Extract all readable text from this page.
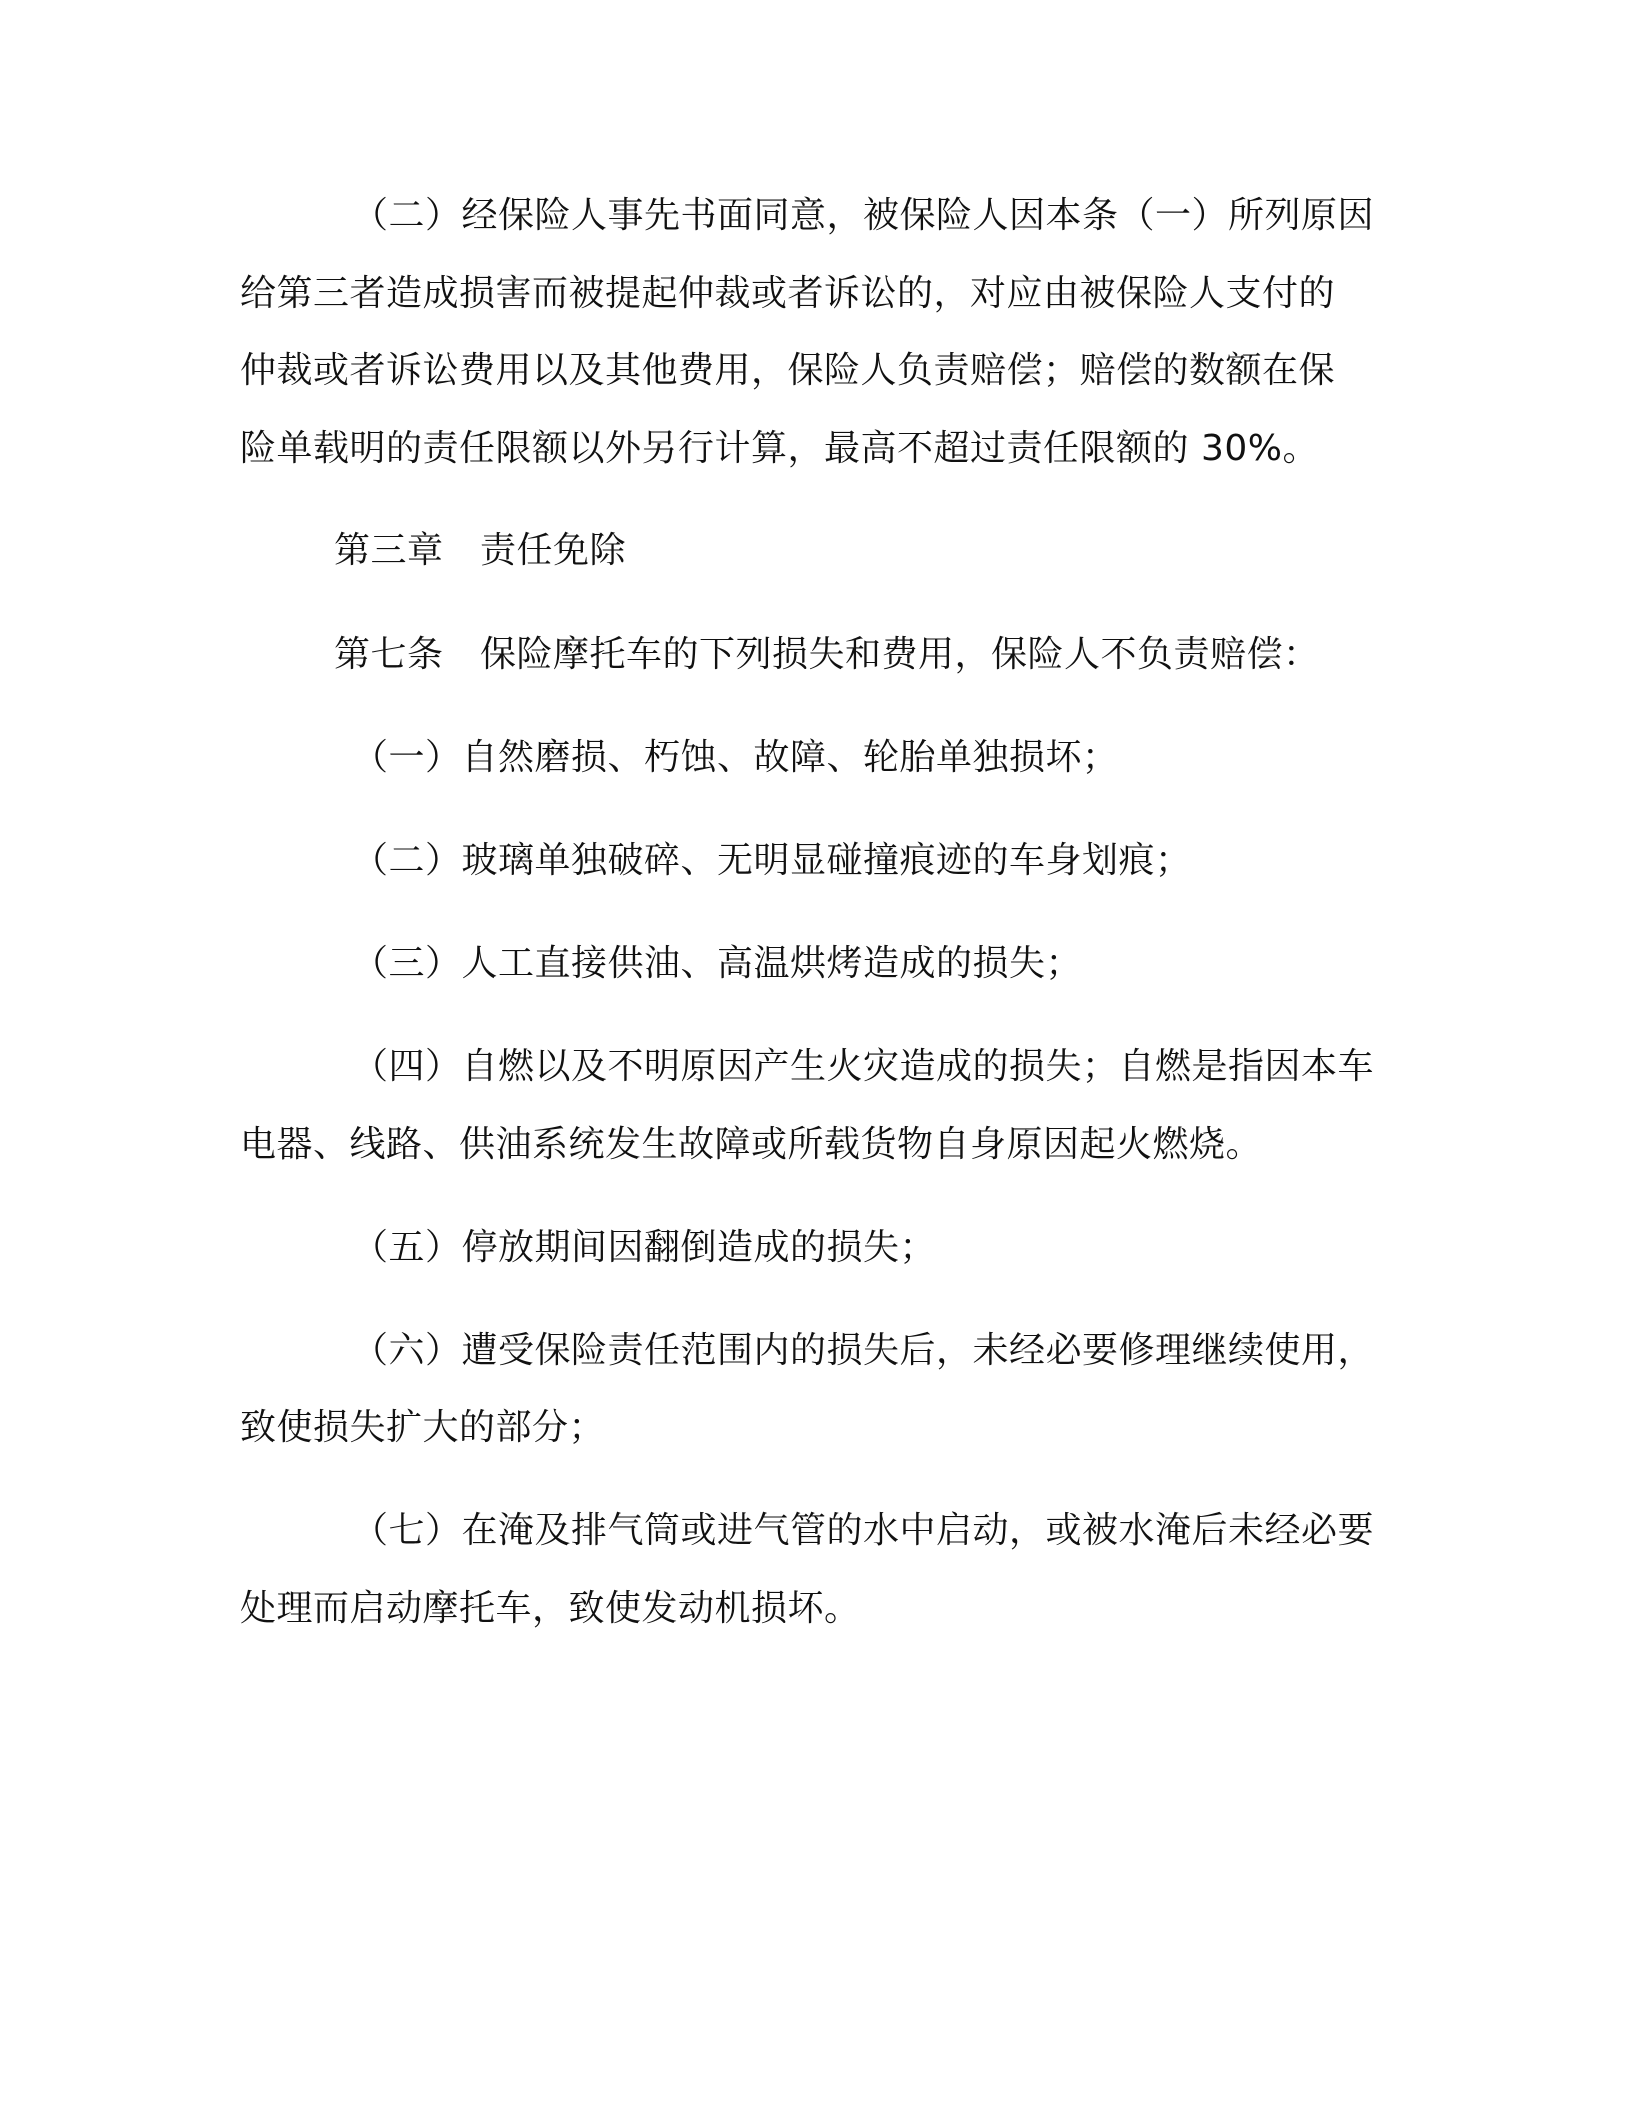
（二）经保险人事先书面同意，被保险人因本条（一）所列原因
给第三者造成损害而被提起仲裁或者诉讼的，对应由被保险人支付的
仲裁或者诉讼费用以及其他费用，保险人负责赔偿；赔偿的数额在保
险单载明的责任限额以外另行计算，最高不超过责任限额的 30%。
第三章　责任免除
第七条　保险摩托车的下列损失和费用，保险人不负责赔偿：
（一）自然磨损、朽蚀、故障、轮胎单独损坏；
（二）玻璃单独破碎、无明显碰撞痕迹的车身划痕；
（三）人工直接供油、高温烘烤造成的损失；
（四）自燃以及不明原因产生火灾造成的损失；自燃是指因本车
电器、线路、供油系统发生故障或所载货物自身原因起火燃烧。
（五）停放期间因翻倒造成的损失；
（六）遭受保险责任范围内的损失后，未经必要修理继续使用，
致使损失扩大的部分；
（七）在淹及排气筒或进气管的水中启动，或被水淹后未经必要
处理而启动摩托车，致使发动机损坏。
